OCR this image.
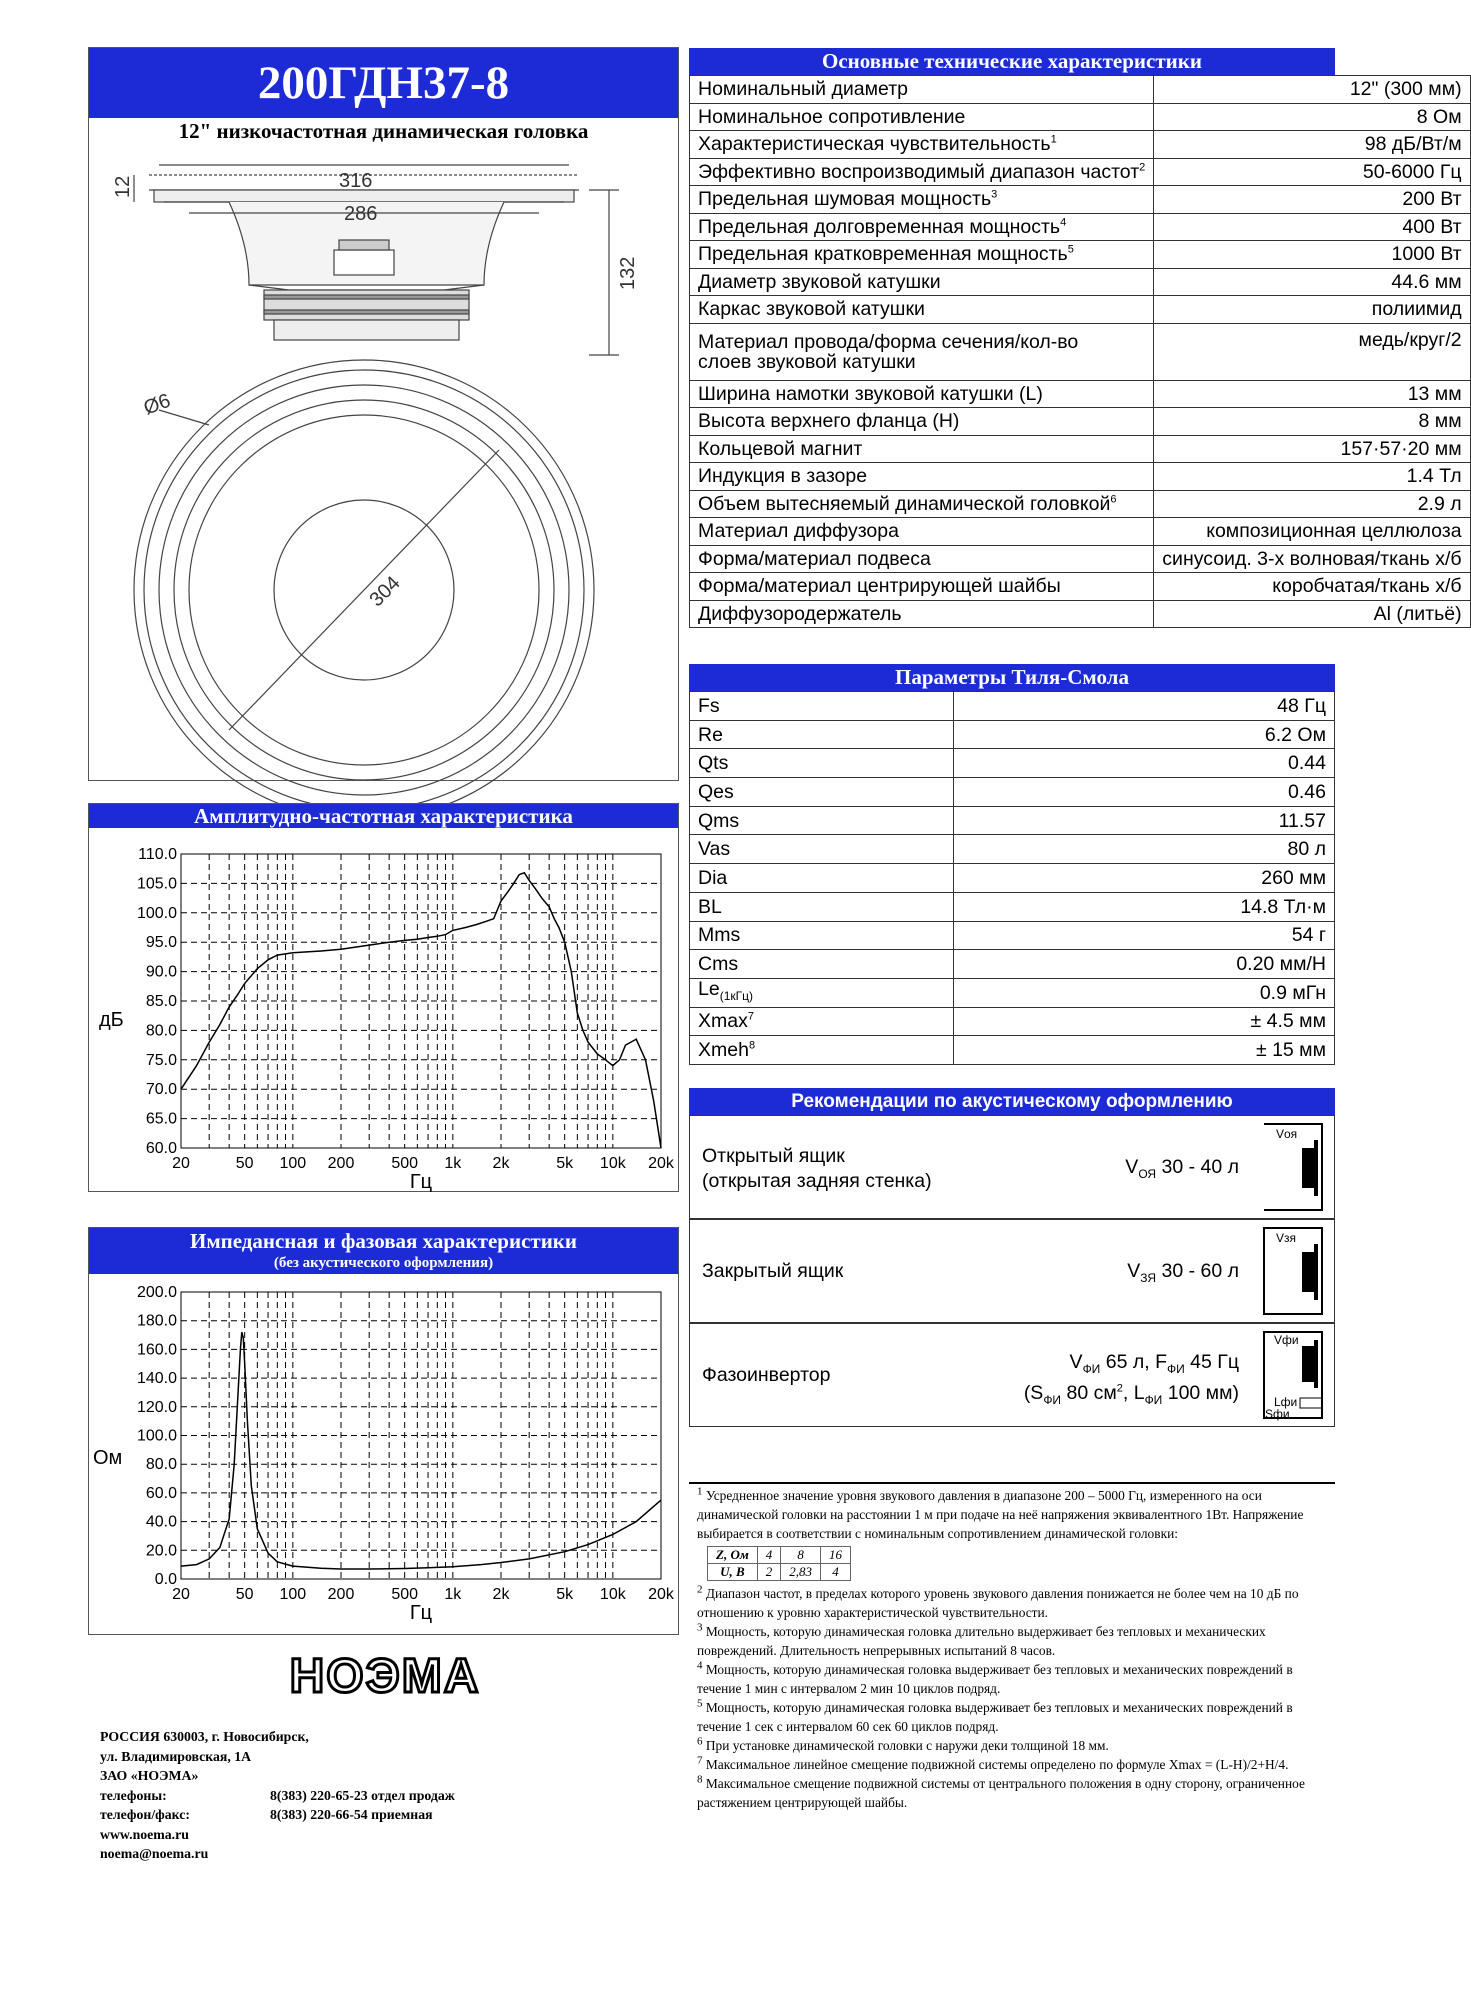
200ГДН37-8
12" низкочастотная динамическая головка
316
286
12
132
Ø6
304
Амплитудно-частотная характеристика
110.0
105.0
100.0
95.0
90.0
85.0
80.0
75.0
70.0
65.0
60.0
20	50 100 200 500 1k 2k	5k 10k 20k
Гц
дБ
Импедансная и фазовая характеристики
(без акустического оформления)
200.0
180.0
160.0
140.0
120.0
100.0
80.0
60.0
40.0
20.0
0.0
20	50 100 200 500 1k 2k	5k 10k 20k
Гц
Ом
НОЭМА
РОССИЯ 630003, г. Новосибирск,
ул. Владимировская, 1А
ЗАО «НОЭМА»
телефоны:	8(383) 220-65-23 отдел продаж
телефон/факс:	8(383) 220-66-54 приемная
www.noema.ru
noema@noema.ru
Основные технические характеристики
Номинальный диаметр	12" (300 мм)
Номинальное сопротивление	8 Ом
Характеристическая чувствительность$^1$	98 дБ/Вт/м
Эффективно воспроизводимый диапазон частот$^2$	50-6000 Гц
Предельная шумовая мощность$^3$	200 Вт
Предельная долговременная мощность$^4$	400 Вт
Предельная кратковременная мощность$^5$	1000 Вт
Диаметр звуковой катушки	44.6 мм
Каркас звуковой катушки	полиимид
Материал провода/форма сечения/кол-во
слоев звуковой катушки	медь/круг/2
Ширина намотки звуковой катушки (L)	13 мм
Высота верхнего фланца (H)	8 мм
Кольцевой магнит	157·57·20 мм
Индукция в зазоре	1.4 Тл
Объем вытесняемый динамической головкой$^6$	2.9 л
Материал диффузора	композиционная целлюлоза
Форма/материал подвеса	синусоид. 3-х волновая/ткань х/б
Форма/материал центрирующей шайбы	коробчатая/ткань х/б
Диффузородержатель	Al (литьё)
Параметры Тиля-Смола
Fs	48 Гц
Re	6.2 Ом
Qts	0.44
Qes	0.46
Qms	11.57
Vas	80 л
Dia	260 мм
BL	14.8 Тл·м
Mms	54 г
Cms	0.20 мм/Н
$Le_{(1кГц)}$	0.9 мГн
Xmax$^7$	± 4.5 мм
Xmeh$^8$	± 15 мм
Рекомендации по акустическому оформлению
Открытый ящик
(открытая задняя стенка)
$V_{ОЯ}$ 30 - 40 л
Vоя
Закрытый ящик	$V_{ЗЯ}$ 30 - 60 л
Vзя
Фазоинвертор
$V_{ФИ}$ 65 л, $F_{ФИ}$ 45 Гц
($S_{ФИ}$ 80 $см^2$, $L_{ФИ}$ 100 мм)
Vфи
Lфи
Sфи
$^1$ Усредненное значение уровня звукового давления в диапазоне 200 – 5000 Гц, измеренного на оси динамической головки на расстоянии 1 м при подаче на неё напряжения эквивалентного 1Вт. Напряжение выбирается в соответствии с номинальным сопротивлением динамической головки:
Z, Ом	4	8	16
U, В	2	2,83	4
$^2$ Диапазон частот, в пределах которого уровень звукового давления понижается не более чем на 10 дБ по отношению к уровню характеристической чувствительности.
$^3$ Мощность, которую динамическая головка длительно выдерживает без тепловых и механических повреждений. Длительность непрерывных испытаний 8 часов.
$^4$ Мощность, которую динамическая головка выдерживает без тепловых и механических повреждений в течение 1 мин с интервалом 2 мин 10 циклов подряд.
$^5$ Мощность, которую динамическая головка выдерживает без тепловых и механических повреждений в течение 1 сек с интервалом 60 сек 60 циклов подряд.
$^6$ При установке динамической головки с наружи деки толщиной 18 мм.
$^7$ Максимальное линейное смещение подвижной системы определено по формуле Xmax = (L-H)/2+H/4.
$^8$ Максимальное смещение подвижной системы от центрального положения в одну сторону, ограниченное растяжением центрирующей шайбы.
